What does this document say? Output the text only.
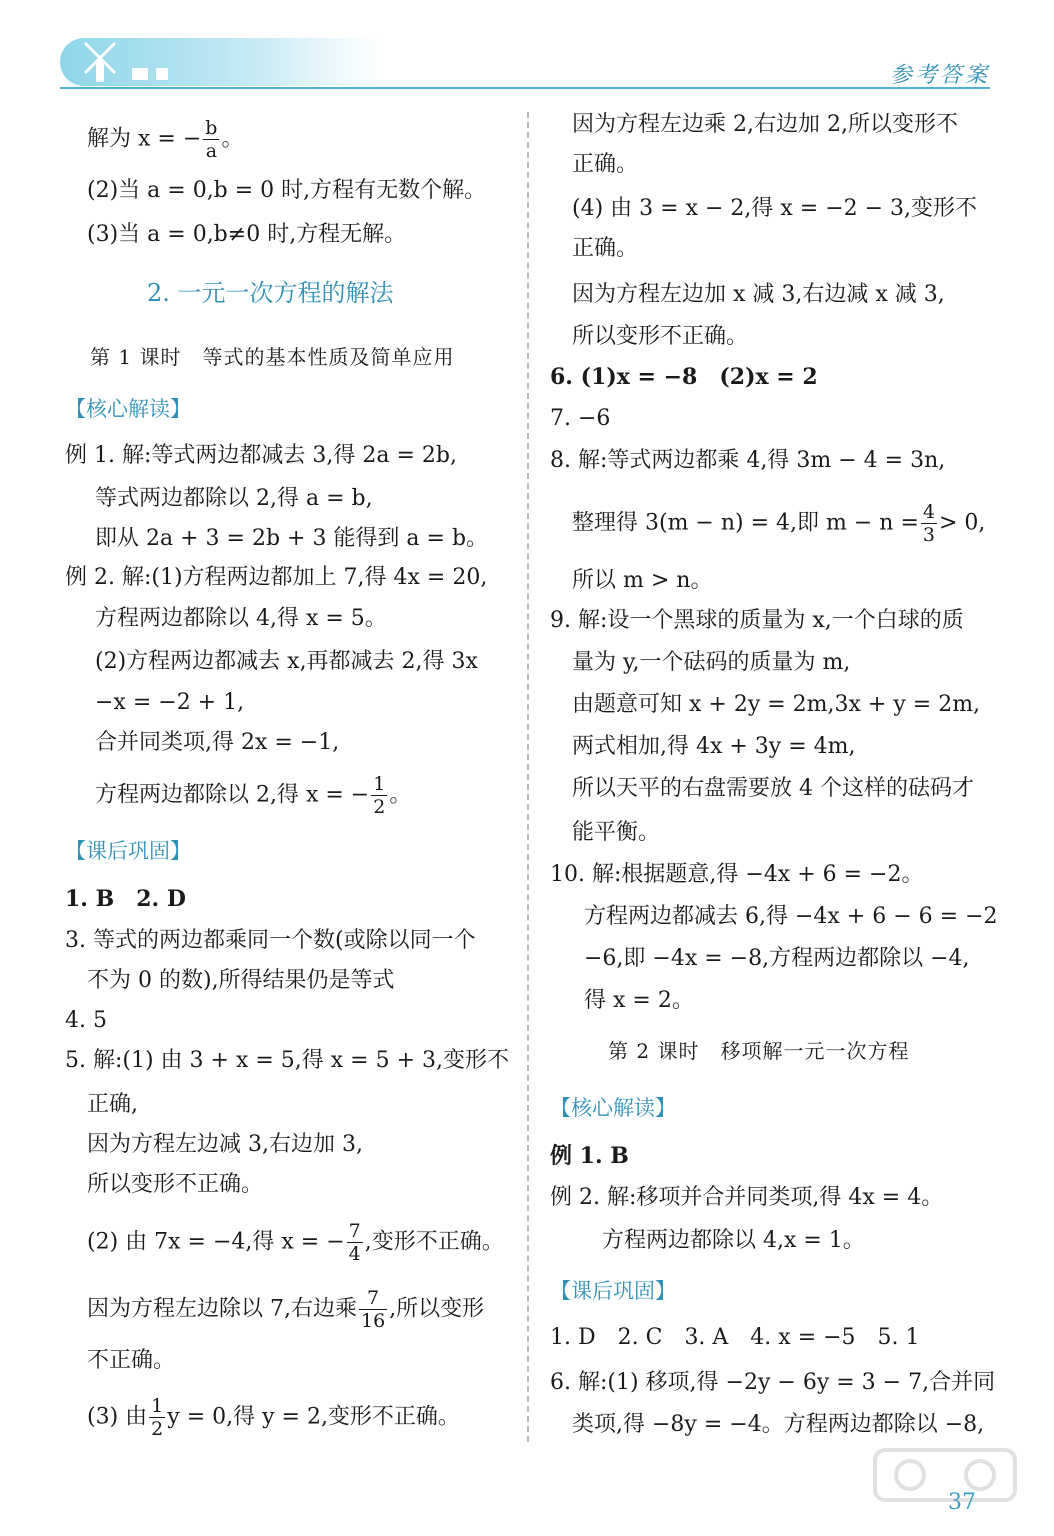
参考答案
解为 x = − $\frac{b}{a}$ 。
(2)当 a = 0,b = 0 时,方程有无数个解。
(3)当 a = 0,b≠0 时,方程无解。
2. 一元一次方程的解法
第 1 课时　等式的基本性质及简单应用
【核心解读】
例 1. 解:等式两边都减去 3,得 2a = 2b,
等式两边都除以 2,得 a = b,
即从 2a + 3 = 2b + 3 能得到 a = b。
例 2. 解:(1)方程两边都加上 7,得 4x = 20,
方程两边都除以 4,得 x = 5。
(2)方程两边都减去 x,再都减去 2,得 3x
−x = −2 + 1,
合并同类项,得 2x = −1,
方程两边都除以 2,得 x = − $\frac{1}{2}$ 。
【课后巩固】
1. B　2. D
3. 等式的两边都乘同一个数(或除以同一个
不为 0 的数),所得结果仍是等式
4. 5
5. 解:(1) 由 3 + x = 5,得 x = 5 + 3,变形不
正确,
因为方程左边减 3,右边加 3,
所以变形不正确。
(2) 由 7x = −4,得 x = − $\frac{7}{4}$ ,变形不正确。
因为方程左边除以 7,右边乘 $\frac{7}{16}$ ,所以变形
不正确。
(3) 由 $\frac{1}{2}$ y = 0,得 y = 2,变形不正确。
因为方程左边乘 2,右边加 2,所以变形不
正确。
(4) 由 3 = x − 2,得 x = −2 − 3,变形不
正确。
因为方程左边加 x 减 3,右边减 x 减 3,
所以变形不正确。
6. (1)x = −8　(2)x = 2
7. −6
8. 解:等式两边都乘 4,得 3m − 4 = 3n,
整理得 3(m − n) = 4,即 $m - n = \frac{4}{3} > 0$,
所以 m > n。
9. 解:设一个黑球的质量为 x,一个白球的质
量为 y,一个砝码的质量为 m,
由题意可知 x + 2y = 2m,3x + y = 2m,
两式相加,得 4x + 3y = 4m,
所以天平的右盘需要放 4 个这样的砝码才
能平衡。
10. 解:根据题意,得 −4x + 6 = −2。
方程两边都减去 6,得 −4x + 6 − 6 = −2
−6,即 −4x = −8,方程两边都除以 −4,
得 x = 2。
第 2 课时　移项解一元一次方程
【核心解读】
例 1. B
例 2. 解:移项并合并同类项,得 4x = 4。
方程两边都除以 4,x = 1。
【课后巩固】
1. D　2. C　3. A　4. x = −5　5. 1
6. 解:(1) 移项,得 −2y − 6y = 3 − 7,合并同
类项,得 −8y = −4。方程两边都除以 −8,
37
